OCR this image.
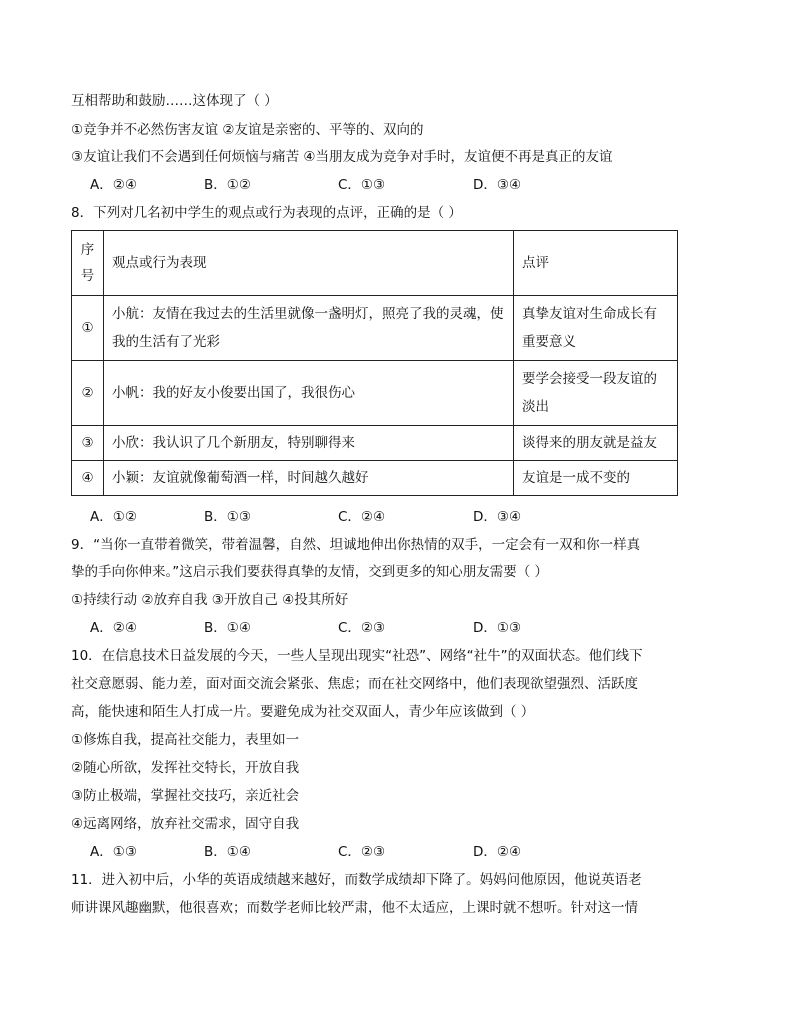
互相帮助和鼓励……这体现了（ ）
①竞争并不必然伤害友谊 ②友谊是亲密的、平等的、双向的
③友谊让我们不会遇到任何烦恼与痛苦 ④当朋友成为竞争对手时，友谊便不再是真正的友谊
A．②④	B．①②	C．①③	D．③④
8．下列对几名初中学生的观点或行为表现的点评，正确的是（ ）
序号	观点或行为表现	点评
①	小航：友情在我过去的生活里就像一盏明灯，照亮了我的灵魂，使我的生活有了光彩	真挚友谊对生命成长有重要意义
②	小帆：我的好友小俊要出国了，我很伤心	要学会接受一段友谊的淡出
③	小欣：我认识了几个新朋友，特别聊得来	谈得来的朋友就是益友
④	小颖：友谊就像葡萄酒一样，时间越久越好	友谊是一成不变的
A．①②	B．①③	C．②④	D．③④
9．“当你一直带着微笑，带着温馨，自然、坦诚地伸出你热情的双手，一定会有一双和你一样真
挚的手向你伸来。”这启示我们要获得真挚的友情，交到更多的知心朋友需要（ ）
①持续行动 ②放弃自我 ③开放自己 ④投其所好
A．②④	B．①④	C．②③	D．①③
10．在信息技术日益发展的今天，一些人呈现出现实“社恐”、网络“社牛”的双面状态。他们线下
社交意愿弱、能力差，面对面交流会紧张、焦虑；而在社交网络中，他们表现欲望强烈、活跃度
高，能快速和陌生人打成一片。要避免成为社交双面人，青少年应该做到（ ）
①修炼自我，提高社交能力，表里如一
②随心所欲，发挥社交特长，开放自我
③防止极端，掌握社交技巧，亲近社会
④远离网络，放弃社交需求，固守自我
A．①③	B．①④	C．②③	D．②④
11．进入初中后，小华的英语成绩越来越好，而数学成绩却下降了。妈妈问他原因，他说英语老
师讲课风趣幽默，他很喜欢；而数学老师比较严肃，他不太适应，上课时就不想听。针对这一情
